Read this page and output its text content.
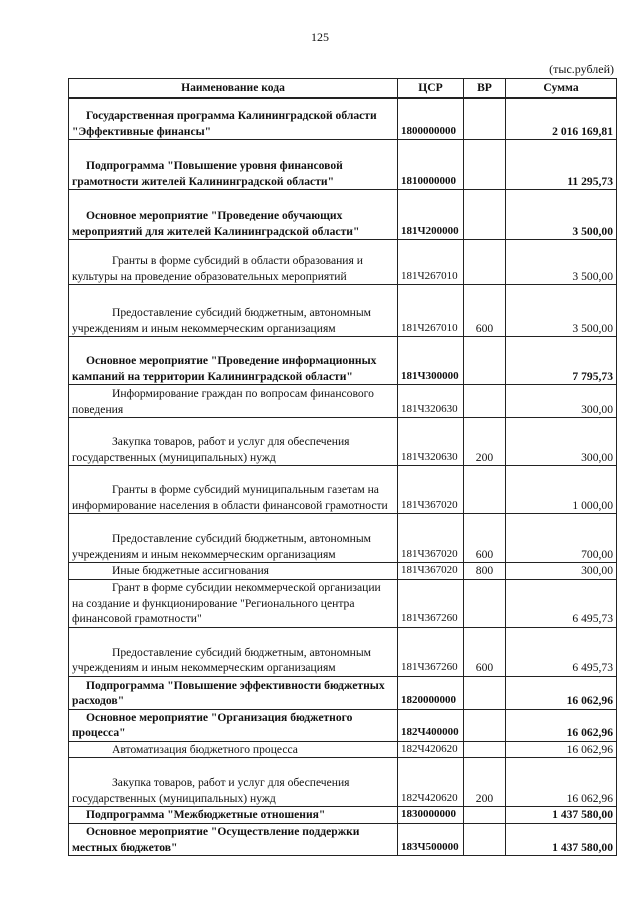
125
(тыс.рублей)
Наименование кода	ЦСР	ВР	Сумма
Государственная программа Калининградской области "Эффективные финансы"	1800000000		2 016 169,81
Подпрограмма "Повышение уровня финансовой грамотности жителей Калининградской области"	1810000000		11 295,73
Основное мероприятие "Проведение обучающих мероприятий для жителей Калининградской области"	181Ч200000		3 500,00
Гранты в форме субсидий в области образования и культуры на проведение образовательных мероприятий	181Ч267010		3 500,00
Предоставление субсидий бюджетным, автономным учреждениям и иным некоммерческим организациям	181Ч267010	600	3 500,00
Основное мероприятие "Проведение информационных кампаний на территории Калининградской области"	181Ч300000		7 795,73
Информирование граждан по вопросам финансового поведения	181Ч320630		300,00
Закупка товаров, работ и услуг для обеспечения государственных (муниципальных) нужд	181Ч320630	200	300,00
Гранты в форме субсидий муниципальным газетам на информирование населения в области финансовой грамотности	181Ч367020		1 000,00
Предоставление субсидий бюджетным, автономным учреждениям и иным некоммерческим организациям	181Ч367020	600	700,00
Иные бюджетные ассигнования	181Ч367020	800	300,00
Грант в форме субсидии некоммерческой организации на создание и функционирование "Регионального центра финансовой грамотности"	181Ч367260		6 495,73
Предоставление субсидий бюджетным, автономным учреждениям и иным некоммерческим организациям	181Ч367260	600	6 495,73
Подпрограмма "Повышение эффективности бюджетных расходов"	1820000000		16 062,96
Основное мероприятие "Организация бюджетного процесса"	182Ч400000		16 062,96
Автоматизация бюджетного процесса	182Ч420620		16 062,96
Закупка товаров, работ и услуг для обеспечения государственных (муниципальных) нужд	182Ч420620	200	16 062,96
Подпрограмма "Межбюджетные отношения"	1830000000		1 437 580,00
Основное мероприятие "Осуществление поддержки местных бюджетов"	183Ч500000		1 437 580,00
